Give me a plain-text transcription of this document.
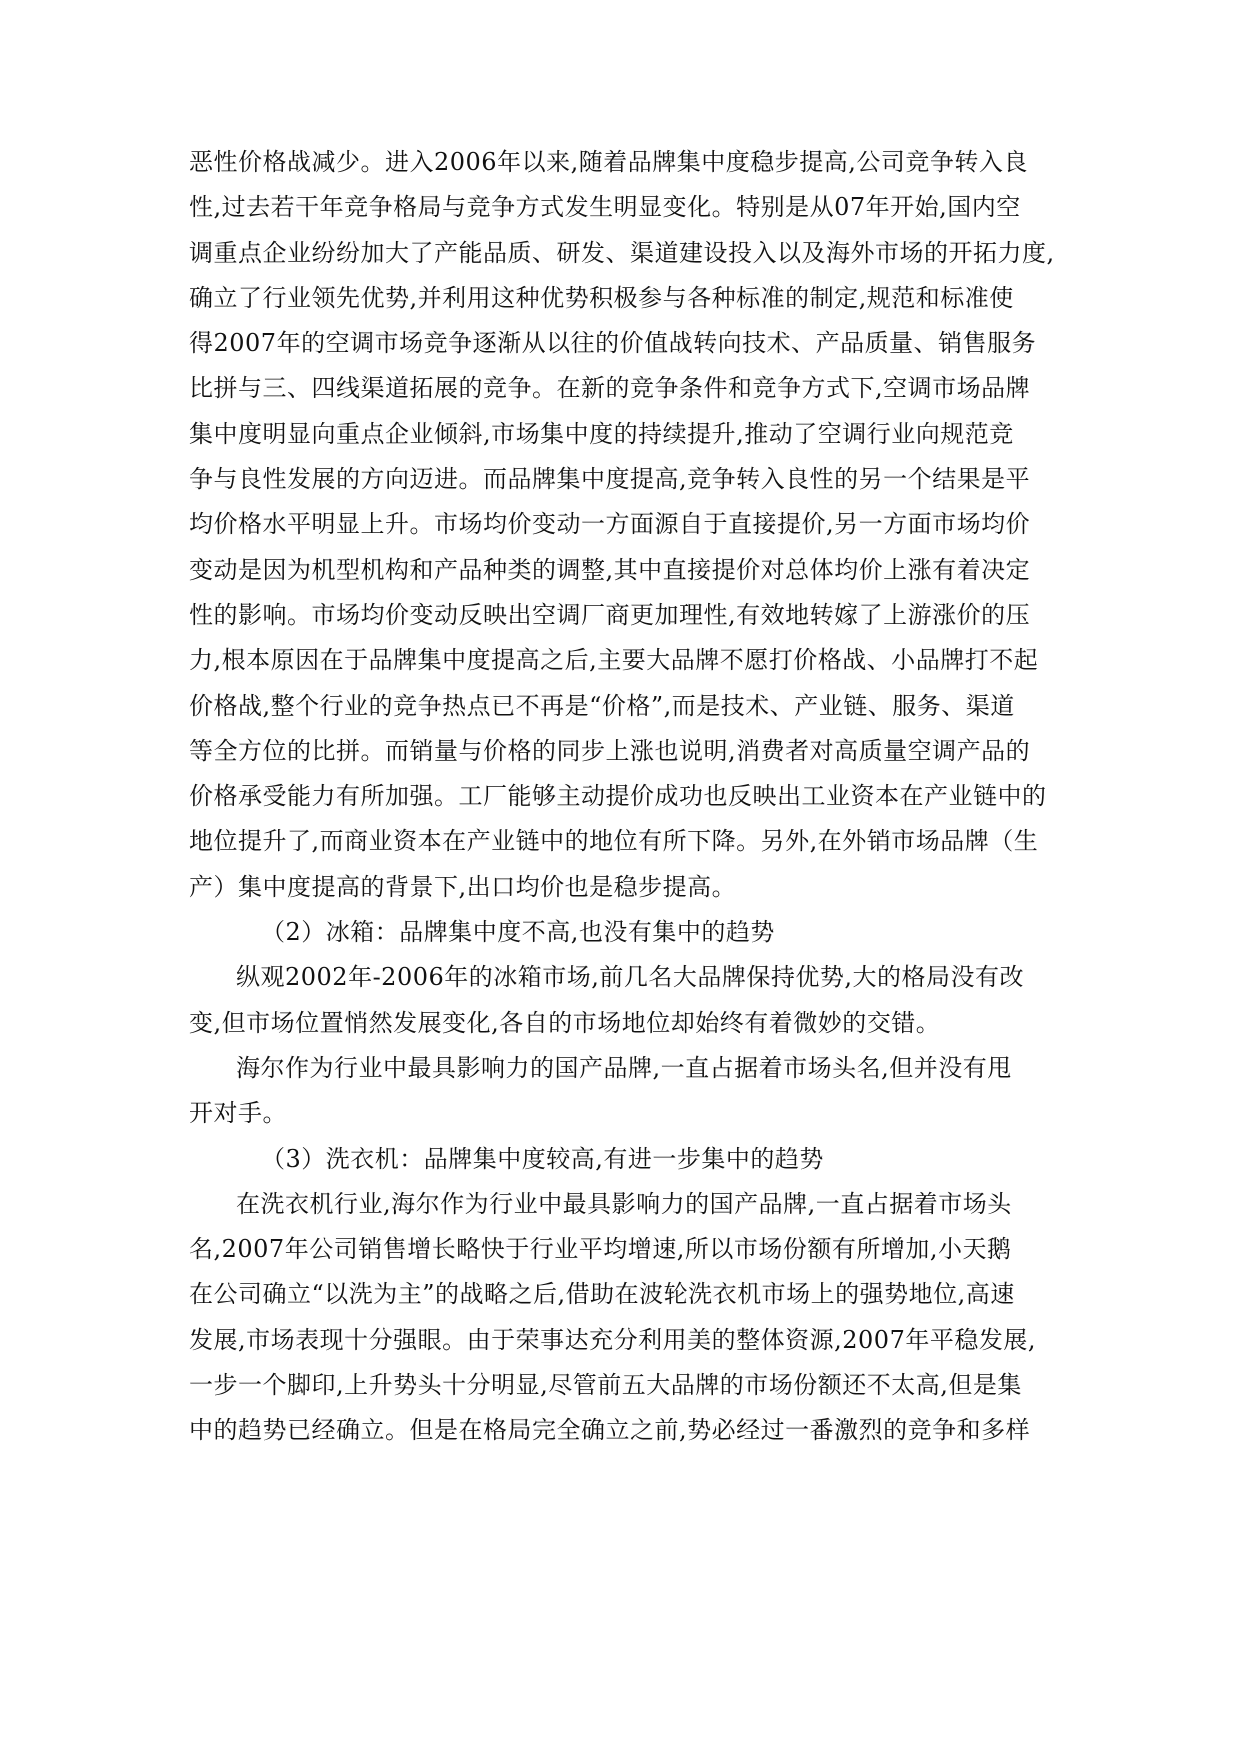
恶性价格战减少。进入2006年以来,随着品牌集中度稳步提高,公司竞争转入良
性,过去若干年竞争格局与竞争方式发生明显变化。特别是从07年开始,国内空
调重点企业纷纷加大了产能品质、研发、渠道建设投入以及海外市场的开拓力度,
确立了行业领先优势,并利用这种优势积极参与各种标准的制定,规范和标准使
得2007年的空调市场竞争逐渐从以往的价值战转向技术、产品质量、销售服务
比拼与三、四线渠道拓展的竞争。在新的竞争条件和竞争方式下,空调市场品牌
集中度明显向重点企业倾斜,市场集中度的持续提升,推动了空调行业向规范竞
争与良性发展的方向迈进。而品牌集中度提高,竞争转入良性的另一个结果是平
均价格水平明显上升。市场均价变动一方面源自于直接提价,另一方面市场均价
变动是因为机型机构和产品种类的调整,其中直接提价对总体均价上涨有着决定
性的影响。市场均价变动反映出空调厂商更加理性,有效地转嫁了上游涨价的压
力,根本原因在于品牌集中度提高之后,主要大品牌不愿打价格战、小品牌打不起
价格战,整个行业的竞争热点已不再是“价格”,而是技术、产业链、服务、渠道
等全方位的比拼。而销量与价格的同步上涨也说明,消费者对高质量空调产品的
价格承受能力有所加强。工厂能够主动提价成功也反映出工业资本在产业链中的
地位提升了,而商业资本在产业链中的地位有所下降。另外,在外销市场品牌（生
产）集中度提高的背景下,出口均价也是稳步提高。
（2）冰箱：品牌集中度不高,也没有集中的趋势
纵观2002年-2006年的冰箱市场,前几名大品牌保持优势,大的格局没有改
变,但市场位置悄然发展变化,各自的市场地位却始终有着微妙的交错。
海尔作为行业中最具影响力的国产品牌,一直占据着市场头名,但并没有甩
开对手。
（3）洗衣机：品牌集中度较高,有进一步集中的趋势
在洗衣机行业,海尔作为行业中最具影响力的国产品牌,一直占据着市场头
名,2007年公司销售增长略快于行业平均增速,所以市场份额有所增加,小天鹅
在公司确立“以洗为主”的战略之后,借助在波轮洗衣机市场上的强势地位,高速
发展,市场表现十分强眼。由于荣事达充分利用美的整体资源,2007年平稳发展,
一步一个脚印,上升势头十分明显,尽管前五大品牌的市场份额还不太高,但是集
中的趋势已经确立。但是在格局完全确立之前,势必经过一番激烈的竞争和多样
